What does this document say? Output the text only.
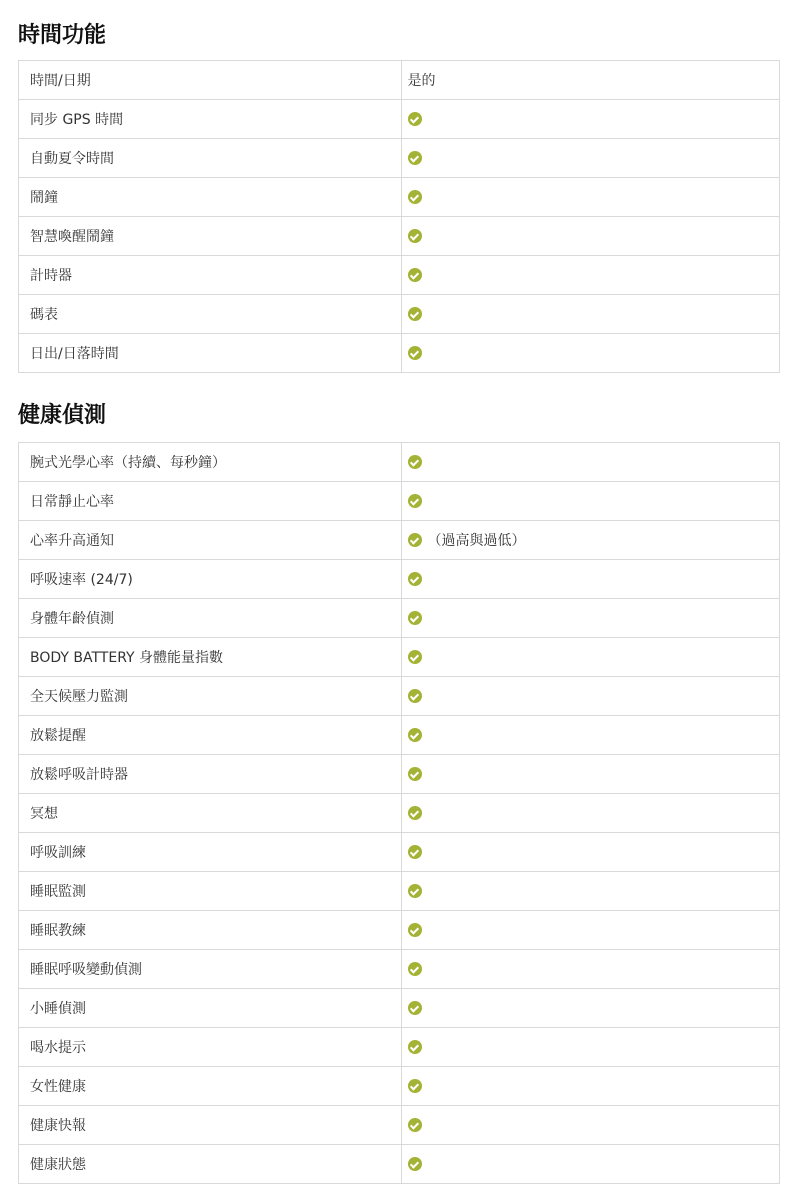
時間功能
時間/日期	是的
同步 GPS 時間	
自動夏令時間	
鬧鐘	
智慧喚醒鬧鐘	
計時器	
碼表	
日出/日落時間	
健康偵測
腕式光學心率（持續、每秒鐘）	
日常靜止心率	
心率升高通知	（過高與過低）
呼吸速率 (24/7)	
身體年齡偵測	
BODY BATTERY 身體能量指數	
全天候壓力監測	
放鬆提醒	
放鬆呼吸計時器	
冥想	
呼吸訓練	
睡眠監測	
睡眠教練	
睡眠呼吸變動偵測	
小睡偵測	
喝水提示	
女性健康	
健康快報	
健康狀態	
